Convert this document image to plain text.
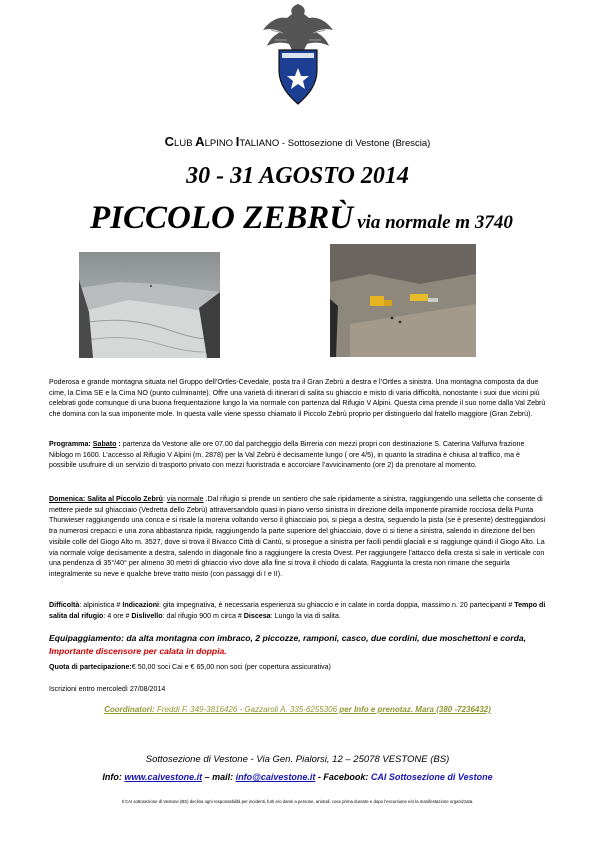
CLUB ALPINO ITALIANO - Sottosezione di Vestone (Brescia)
30 - 31 AGOSTO 2014
PICCOLO ZEBRÙ via normale m 3740
Poderosa e grande montagna situata nel Gruppo dell’Ortles-Cevedale, posta tra il Gran Zebrù a destra e l’Ortles a sinistra. Una montagna composta da due cime, la Cima SE e la Cima NO (punto culminante). Offre una varietà di itinerari di salita su ghiaccio e misto di varia difficoltà, nonostante i suoi due vicini più celebrati gode comunque di una buona frequentazione lungo la via normale con partenza dal Rifugio V Alpini. Questa cima prende il suo nome dalla Val Zebrù che domina con la sua imponente mole. In questa valle viene spesso chiamato il Piccolo Zebrù proprio per distinguerlo dal fratello maggiore (Gran Zebrù).
Programma: Sabato : partenza da Vestone alle ore 07.00 dal parcheggio della Birreria con mezzi propri con destinazione S. Caterina Valfurva frazione Niblogo m 1600. L’accesso al Rifugio V Alpini (m. 2878) per la Val Zebrù è decisamente lungo ( ore 4/5), in quanto la stradina è chiusa al traffico, ma è possibile usufruire di un servizio di trasporto privato con mezzi fuoristrada e accorciare l’avvicinamento (ore 2) da prenotare al momento.
Domenica: Salita al Piccolo Zebrù: via normale .Dal rifugio si prende un sentiero che sale ripidamente a sinistra, raggiungendo una selletta che consente di mettere piede sul ghiacciaio (Vedretta dello Zebrù) attraversandolo quasi in piano verso sinistra in direzione della imponente piramide rocciosa della Punta Thurwieser raggiungendo una conca e si risale la morena voltando verso il ghiacciaio poi, si piega a destra, seguendo la pista (se è presente) destreggiandosi tra numerosi crepacci e una zona abbastanza ripida, raggiungendo la parte superiore del ghiacciaio, dove ci si tiene a sinistra, salendo in direzione del ben visibile colle del Giogo Alto m. 3527, dove si trova il Bivacco Città di Cantù, si prosegue a sinistra per facili pendii glaciali e si raggiunge quindi il Giogo Alto. La via normale volge decisamente a destra, salendo in diagonale fino a raggiungere la cresta Ovest. Per raggiungere l’attacco della cresta si sale in verticale con una pendenza di 35°/40° per almeno 30 metri di ghiaccio vivo dove alla fine si trova il chiodo di calata. Raggiunta la cresta non rimane che seguirla integralmente su neve e qualche breve tratto misto (con passaggi di I e II).
Difficoltà: alpinistica # Indicazioni: gita impegnativa, è necessaria esperienza su ghiaccio e in calate in corda doppia, massimo n. 20 partecipanti # Tempo di salita dal rifugio: 4 ore # Dislivello: dal rifugio 900 m circa # Discesa: Lungo la via di salita.
Equipaggiamento: da alta montagna con imbraco, 2 piccozze, ramponi, casco, due cordini, due moschettoni e corda, Importante discensore per calata in doppia.
Quota di partecipazione:€ 50,00 soci Cai e € 65,00 non soci (per copertura assicurativa)
Iscrizioni entro mercoledì 27/08/2014
Coordinatori: Freddi F. 349-3816426 - Gazzaroli A. 335-6255306 per Info e prenotaz. Mara (380 -7236432)
Sottosezione di Vestone - Via Gen. Pialorsi, 12 – 25078 VESTONE (BS)
Info: www.caivestone.it – mail: info@caivestone.it - Facebook: CAI Sottosezione di Vestone
Il CAI sottosezione di Vestone (BS) declina ogni responsabilità per incidenti, furti e/o danni a persone, animali, cose prima durante e dopo l’escursione e/o la manifestazione organizzata.
